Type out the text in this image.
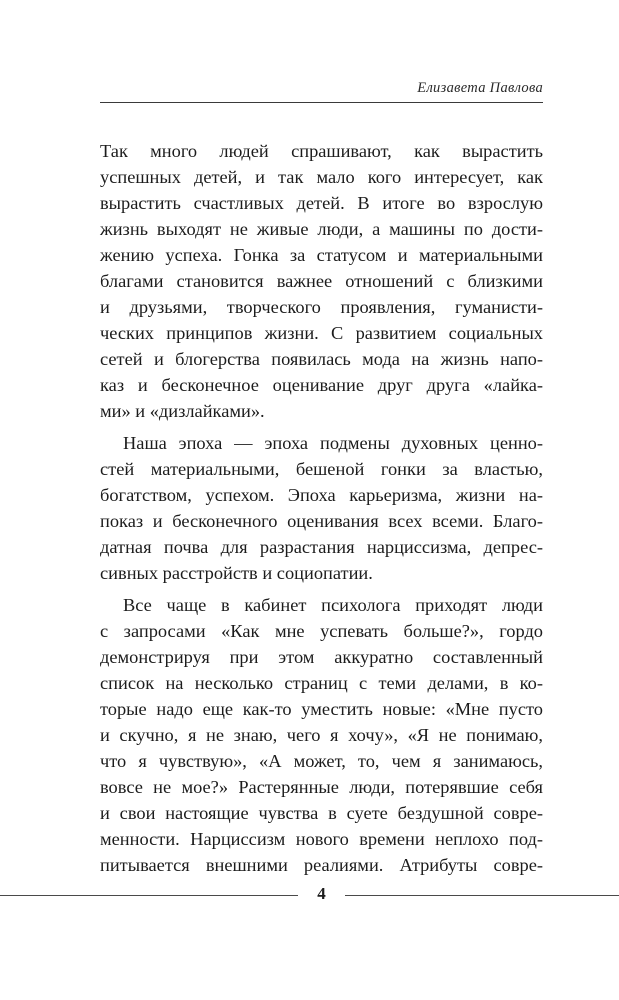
Елизавета Павлова
Так много людей спрашивают, как вырастить
успешных детей, и так мало кого интересует, как
вырастить счастливых детей. В итоге во взрослую
жизнь выходят не живые люди, а машины по дости-
жению успеха. Гонка за статусом и материальными
благами становится важнее отношений с близкими
и друзьями, творческого проявления, гуманисти-
ческих принципов жизни. С развитием социальных
сетей и блогерства появилась мода на жизнь напо-
каз и бесконечное оценивание друг друга «лайка-
ми» и «дизлайками».
Наша эпоха — эпоха подмены духовных ценно-
стей материальными, бешеной гонки за властью,
богатством, успехом. Эпоха карьеризма, жизни на-
показ и бесконечного оценивания всех всеми. Благо-
датная почва для разрастания нарциссизма, депрес-
сивных расстройств и социопатии.
Все чаще в кабинет психолога приходят люди
с запросами «Как мне успевать больше?», гордо
демонстрируя при этом аккуратно составленный
список на несколько страниц с теми делами, в ко-
торые надо еще как-то уместить новые: «Мне пусто
и скучно, я не знаю, чего я хочу», «Я не понимаю,
что я чувствую», «А может, то, чем я занимаюсь,
вовсе не мое?» Растерянные люди, потерявшие себя
и свои настоящие чувства в суете бездушной совре-
менности. Нарциссизм нового времени неплохо под-
питывается внешними реалиями. Атрибуты совре-
4
